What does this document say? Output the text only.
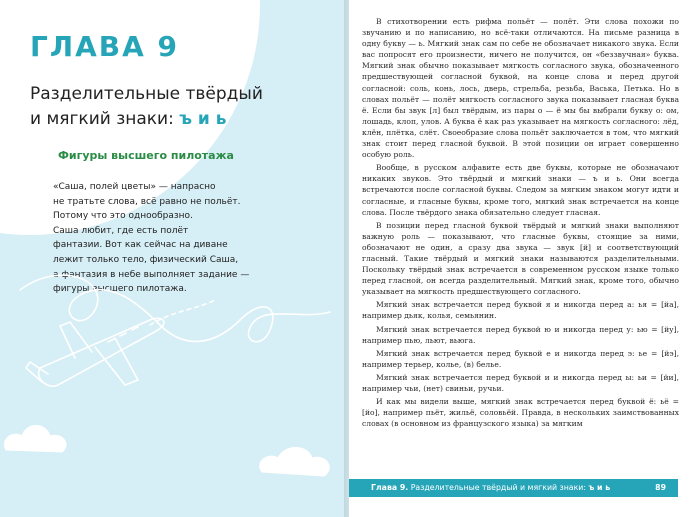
ГЛАВА 9
Разделительные твёрдый
и мягкий знаки: ъ и ь
Фигуры высшего пилотажа
«Саша, полей цветы» — напрасно
не тратьте слова, всё равно не польёт.
Потому что это однообразно.
Саша любит, где есть полёт
фантазии. Вот как сейчас на диване
лежит только тело, физический Саша,
а фантазия в небе выполняет задание —
фигуры высшего пилотажа.

В стихотворении есть рифма польёт — полёт. Эти слова похожи по звучанию и по написанию, но всё-таки отличаются. На письме разница в одну букву — ь. Мягкий знак сам по себе не обозначает никакого звука. Если вас попросят его произнести, ничего не получится, он «беззвучная» буква. Мягкий знак обычно показывает мягкость согласного звука, обозначенного предшествующей согласной буквой, на конце слова и перед другой согласной: соль, конь, лось, дверь, стрельба, резьба, Васька, Петька. Но в словах польёт — полёт мягкость согласного звука показывает гласная буква ё. Если бы звук [л] был твёрдым, из пары о — ё мы бы выбрали букву о: ом, лошадь, клоп, улов. А буква ё как раз указывает на мягкость согласного: лёд, клён, плётка, слёт. Своеобразие слова польёт заключается в том, что мягкий знак стоит перед гласной буквой. В этой позиции он играет совершенно особую роль.

Вообще, в русском алфавите есть две буквы, которые не обозначают никаких звуков. Это твёрдый и мягкий знаки — ъ и ь. Они всегда встречаются после согласной буквы. Следом за мягким знаком могут идти и согласные, и гласные буквы, кроме тогo, мягкий знак встречается на конце слова. После твёрдого знака обязательно следует гласная.

В позиции перед гласной буквой твёрдый и мягкий знаки выполняют важную роль — показывают, что гласные буквы, стоящие за ними, обозначают не один, а сразу два звука — звук [й] и соответствующий гласный. Такие твёрдый и мягкий знаки называются разделительными. Поскольку твёрдый знак встречается в современном русском языке только перед гласной, он всегда разделительный. Мягкий знак, кроме того, обычно указывает на мягкость предшествующего согласного.

Мягкий знак встречается перед буквой я и никогда перед а: ья = [йа], например дьяк, колья, семьянин.

Мягкий знак встречается перед буквой ю и никогда перед у: ью = [йу], например пью, льют, вьюга.

Мягкий знак встречается перед буквой е и никогда перед э: ье = [йэ], например терьер, колье, (в) белье.

Мягкий знак встречается перед буквой и и никогда перед ы: ьи = [йи], например чьи, (нет) свиньи, ручьи.

И как мы видели выше, мягкий знак встречается перед буквой ё: ьё = [йо], например пьёт, жильё, соловьёй. Правда, в нескольких заимствованных словах (в основном из французского языка) за мягким

Глава 9. Разделительные твёрдый и мягкий знаки: ъ и ь	89
